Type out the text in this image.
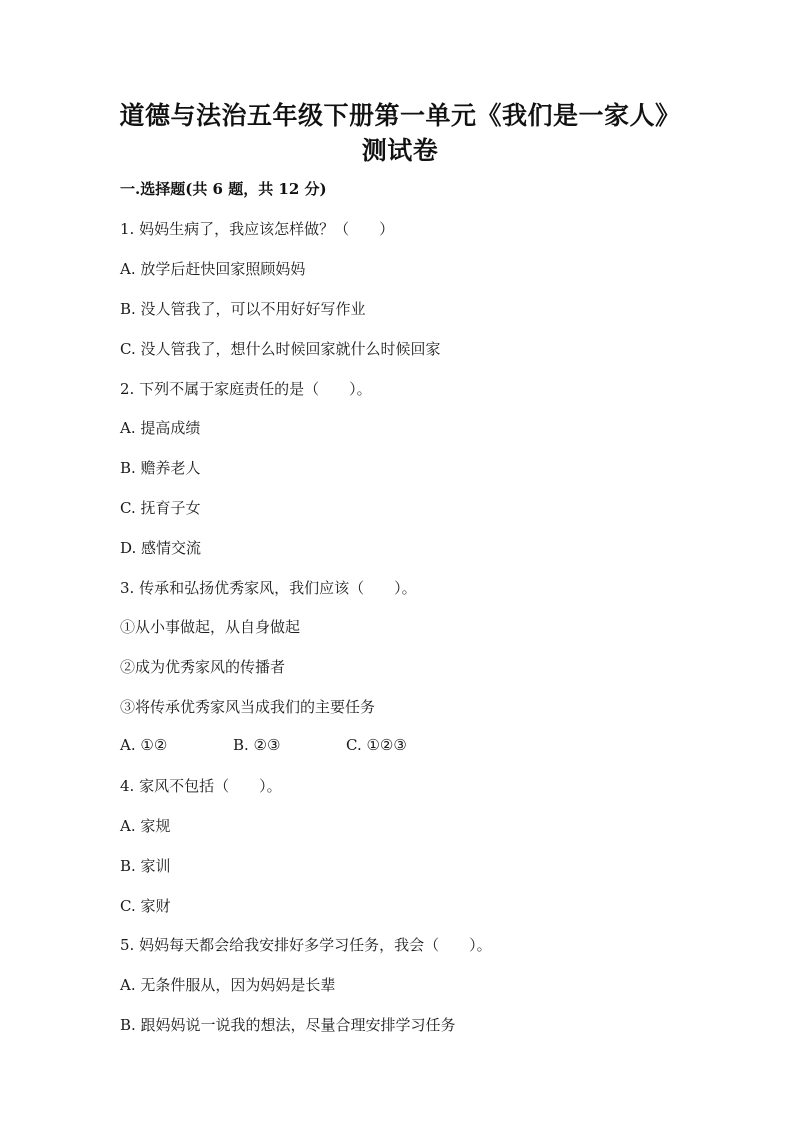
道德与法治五年级下册第一单元《我们是一家人》
测试卷
一.选择题(共 6 题，共 12 分)
1. 妈妈生病了，我应该怎样做？（　　）
A. 放学后赶快回家照顾妈妈
B. 没人管我了，可以不用好好写作业
C. 没人管我了，想什么时候回家就什么时候回家
2. 下列不属于家庭责任的是（　　）。
A. 提高成绩
B. 赡养老人
C. 抚育子女
D. 感情交流
3. 传承和弘扬优秀家风，我们应该（　　）。
①从小事做起，从自身做起
②成为优秀家风的传播者
③将传承优秀家风当成我们的主要任务
A. ①②	B. ②③	C. ①②③
4. 家风不包括（　　）。
A. 家规
B. 家训
C. 家财
5. 妈妈每天都会给我安排好多学习任务，我会（　　）。
A. 无条件服从，因为妈妈是长辈
B. 跟妈妈说一说我的想法，尽量合理安排学习任务
